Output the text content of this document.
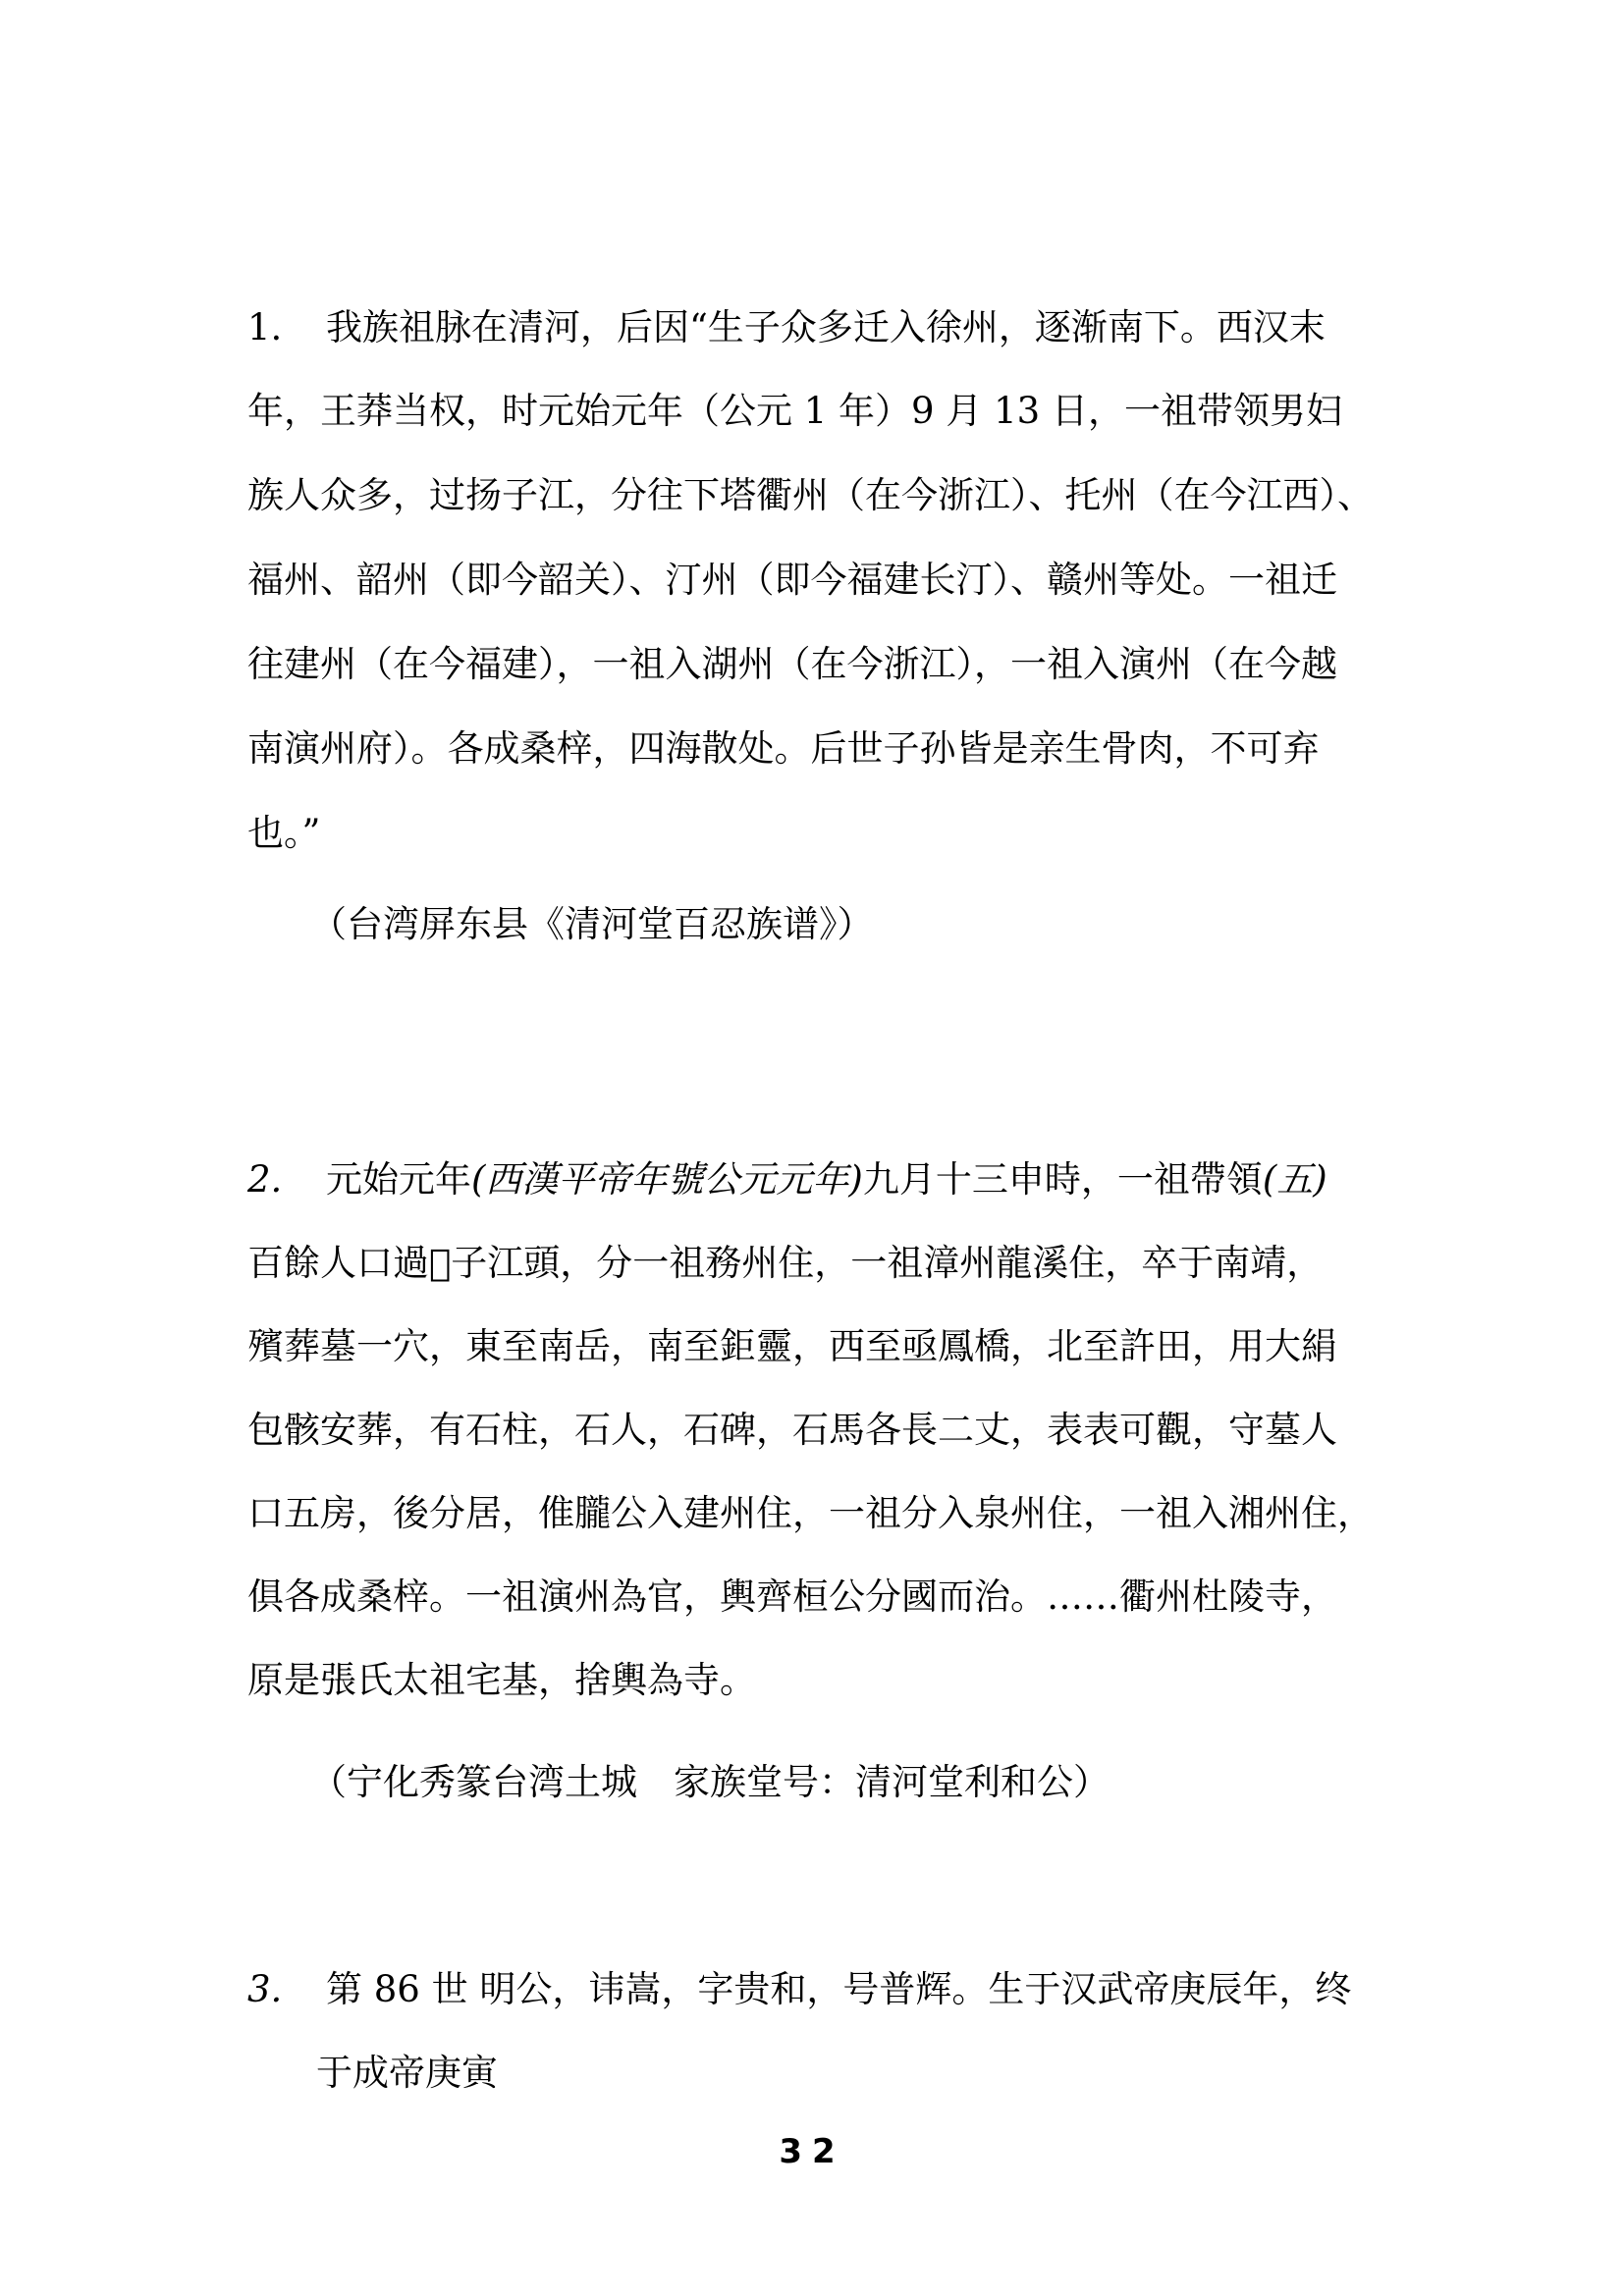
1. 我族祖脉在清河，后因“生子众多迁入徐州，逐渐南下。西汉末
年，王莽当权，时元始元年（公元 1 年）9 月 13 日，一祖带领男妇
族人众多，过扬子江，分往下塔衢州（在今浙江）、托州（在今江西）、
福州、韶州（即今韶关）、汀州（即今福建长汀）、赣州等处。一祖迁
往建州（在今福建），一祖入湖州（在今浙江），一祖入演州（在今越
南演州府）。各成桑梓，四海散处。后世子孙皆是亲生骨肉，不可弃
也。”
（台湾屏东县《清河堂百忍族谱》）
2. 元始元年(西漢平帝年號公元元年)九月十三申時，一祖帶領(五)
百餘人口過𣴑子江頭，分一祖務州住，一祖漳州龍溪住，卒于南靖，
殯葬墓一穴，東至南岳，南至鉅靈，西至亟鳳橋，北至許田，用大絹
包骸安葬，有石柱，石人，石碑，石馬各長二丈，表表可觀，守墓人
口五房，後分居，倠朧公入建州住，一祖分入泉州住，一祖入湘州住，
俱各成桑梓。一祖演州為官，輿齊桓公分國而治。……衢州杜陵寺，
原是張氏太祖宅基，捨輿為寺。
（宁化秀篆台湾土城　家族堂号：清河堂利和公）
3. 第 86 世 明公，讳嵩，字贵和，号普辉。生于汉武帝庚辰年，终
于成帝庚寅
32
